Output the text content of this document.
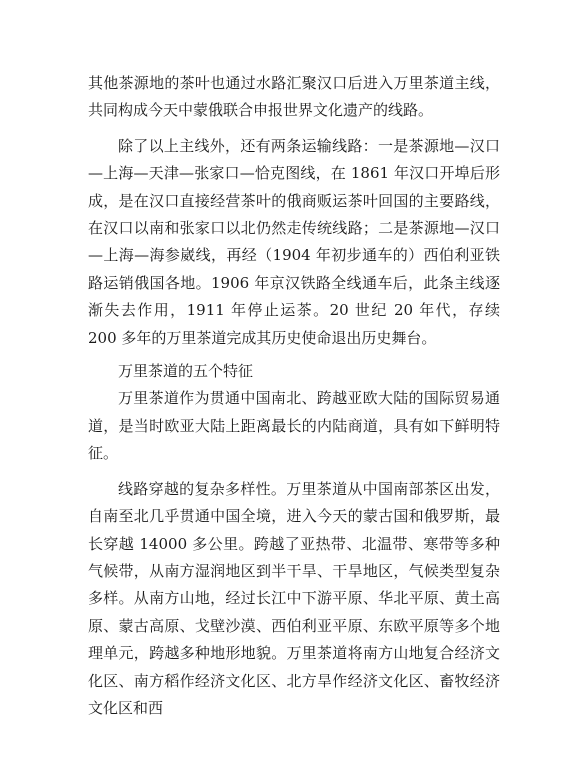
其他茶源地的茶叶也通过水路汇聚汉口后进入万里茶道主线，共同构成今天中蒙俄联合申报世界文化遗产的线路。

除了以上主线外，还有两条运输线路：一是茶源地—汉口—上海—天津—张家口—恰克图线，在 1861 年汉口开埠后形成，是在汉口直接经营茶叶的俄商贩运茶叶回国的主要路线，在汉口以南和张家口以北仍然走传统线路；二是茶源地—汉口—上海—海参崴线，再经（1904 年初步通车的）西伯利亚铁路运销俄国各地。1906 年京汉铁路全线通车后，此条主线逐渐失去作用，1911 年停止运茶。20 世纪 20 年代，存续 200 多年的万里茶道完成其历史使命退出历史舞台。

万里茶道的五个特征

万里茶道作为贯通中国南北、跨越亚欧大陆的国际贸易通道，是当时欧亚大陆上距离最长的内陆商道，具有如下鲜明特征。

线路穿越的复杂多样性。万里茶道从中国南部茶区出发，自南至北几乎贯通中国全境，进入今天的蒙古国和俄罗斯，最长穿越 14000 多公里。跨越了亚热带、北温带、寒带等多种气候带，从南方湿润地区到半干旱、干旱地区，气候类型复杂多样。从南方山地，经过长江中下游平原、华北平原、黄土高原、蒙古高原、戈壁沙漠、西伯利亚平原、东欧平原等多个地理单元，跨越多种地形地貌。万里茶道将南方山地复合经济文化区、南方稻作经济文化区、北方旱作经济文化区、畜牧经济文化区和西
